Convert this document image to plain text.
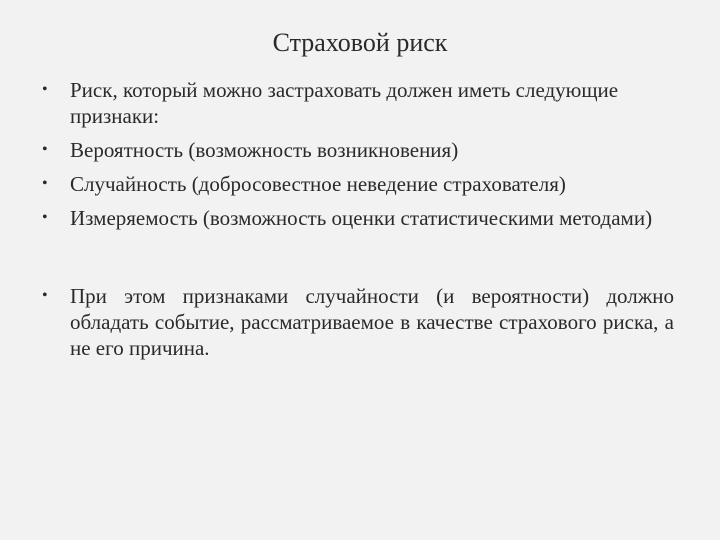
Страховой риск
• Риск, который можно застраховать должен иметь следующие признаки:
• Вероятность (возможность возникновения)
• Случайность (добросовестное неведение страхователя)
• Измеряемость (возможность оценки статистическими методами)
• При этом признаками случайности (и вероятности) должно обладать событие, рассматриваемое в качестве страхового риска, а не его причина.
